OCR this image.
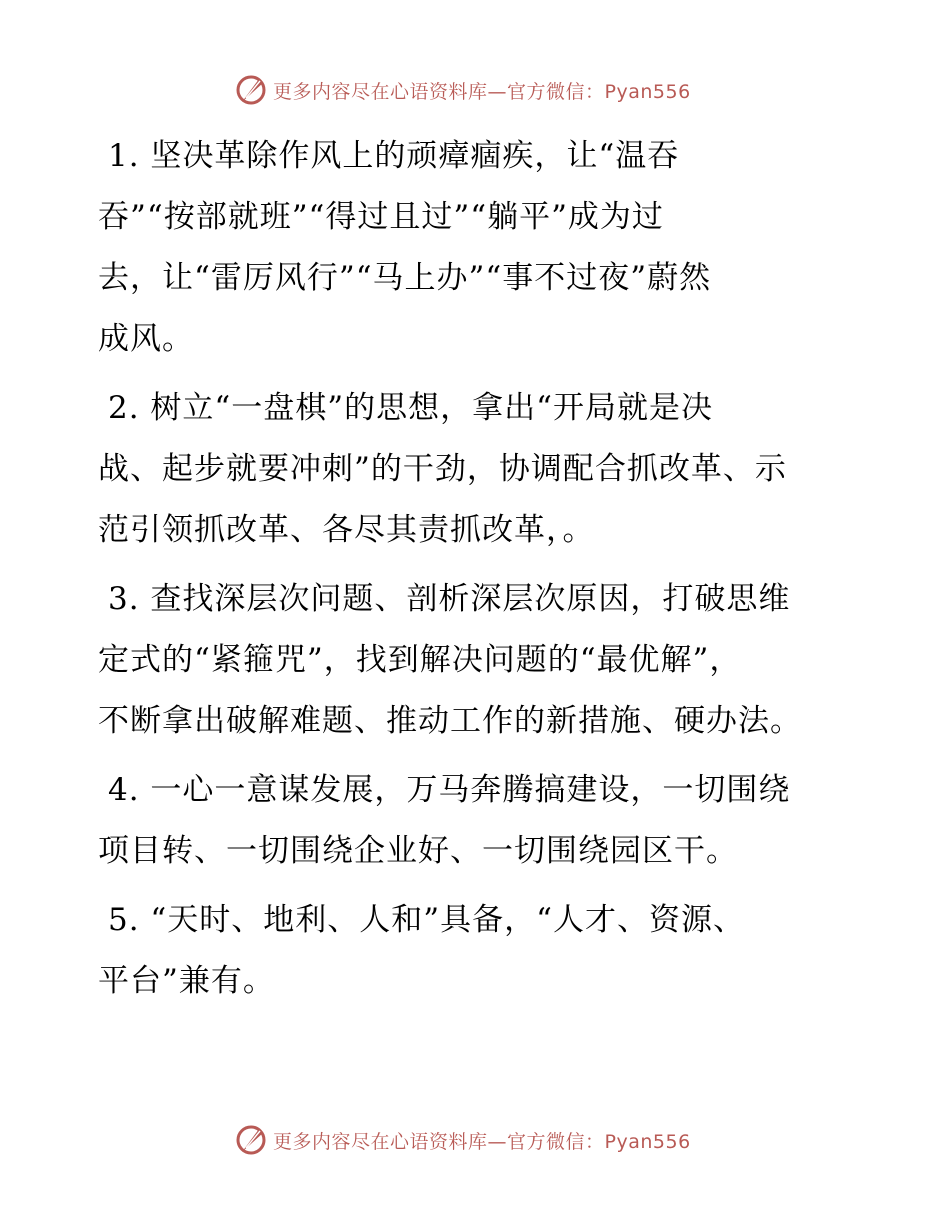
更多内容尽在心语资料库—官方微信：Pyan556

1. 坚决革除作风上的顽瘴痼疾，让“温吞
吞”“按部就班”“得过且过”“躺平”成为过
去，让“雷厉风行”“马上办”“事不过夜”蔚然
成风。

2. 树立“一盘棋”的思想，拿出“开局就是决
战、起步就要冲刺”的干劲，协调配合抓改革、示
范引领抓改革、各尽其责抓改革，。

3. 查找深层次问题、剖析深层次原因，打破思维
定式的“紧箍咒”，找到解决问题的“最优解”，
不断拿出破解难题、推动工作的新措施、硬办法。

4. 一心一意谋发展，万马奔腾搞建设，一切围绕
项目转、一切围绕企业好、一切围绕园区干。

5. “天时、地利、人和”具备，“人才、资源、
平台”兼有。

更多内容尽在心语资料库—官方微信：Pyan556
